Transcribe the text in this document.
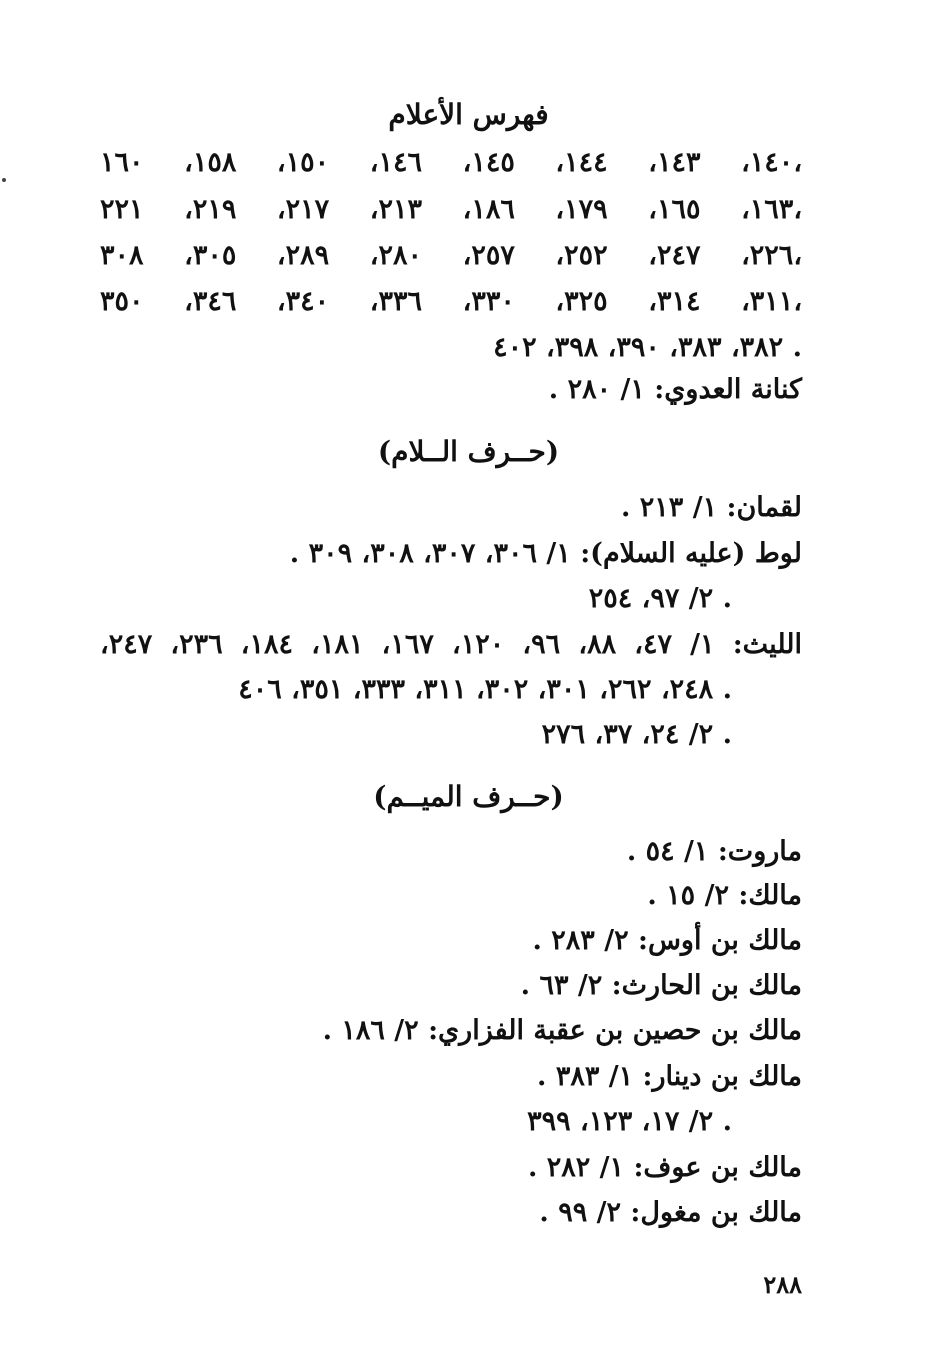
فهرس الأعلام
١٤٠، ١٤٣، ١٤٤، ١٤٥، ١٤٦، ١٥٠، ١٥٨، ١٦٠،
١٦٣، ١٦٥، ١٧٩، ١٨٦، ٢١٣، ٢١٧، ٢١٩، ٢٢١،
٢٢٦، ٢٤٧، ٢٥٢، ٢٥٧، ٢٨٠، ٢٨٩، ٣٠٥، ٣٠٨،
٣١١، ٣١٤، ٣٢٥، ٣٣٠، ٣٣٦، ٣٤٠، ٣٤٦، ٣٥٠،
٣٨٢، ٣٨٣، ٣٩٠، ٣٩٨، ٤٠٢ .
كنانة العدوي: ١/ ٢٨٠ .
(حــرف الــلام)
لقمان: ١/ ٢١٣ .
لوط (عليه السلام): ١/ ٣٠٦، ٣٠٧، ٣٠٨، ٣٠٩ .
٢/ ٩٧، ٢٥٤ .
الليث: ١/ ٤٧، ٨٨، ٩٦، ١٢٠، ١٦٧، ١٨١، ١٨٤، ٢٣٦، ٢٤٧،
٢٤٨، ٢٦٢، ٣٠١، ٣٠٢، ٣١١، ٣٣٣، ٣٥١، ٤٠٦ .
٢/ ٢٤، ٣٧، ٢٧٦ .
(حــرف الميــم)
ماروت: ١/ ٥٤ .
مالك: ٢/ ١٥ .
مالك بن أوس: ٢/ ٢٨٣ .
مالك بن الحارث: ٢/ ٦٣ .
مالك بن حصين بن عقبة الفزاري: ٢/ ١٨٦ .
مالك بن دينار: ١/ ٣٨٣ .
٢/ ١٧، ١٢٣، ٣٩٩ .
مالك بن عوف: ١/ ٢٨٢ .
مالك بن مغول: ٢/ ٩٩ .
٢٨٨
